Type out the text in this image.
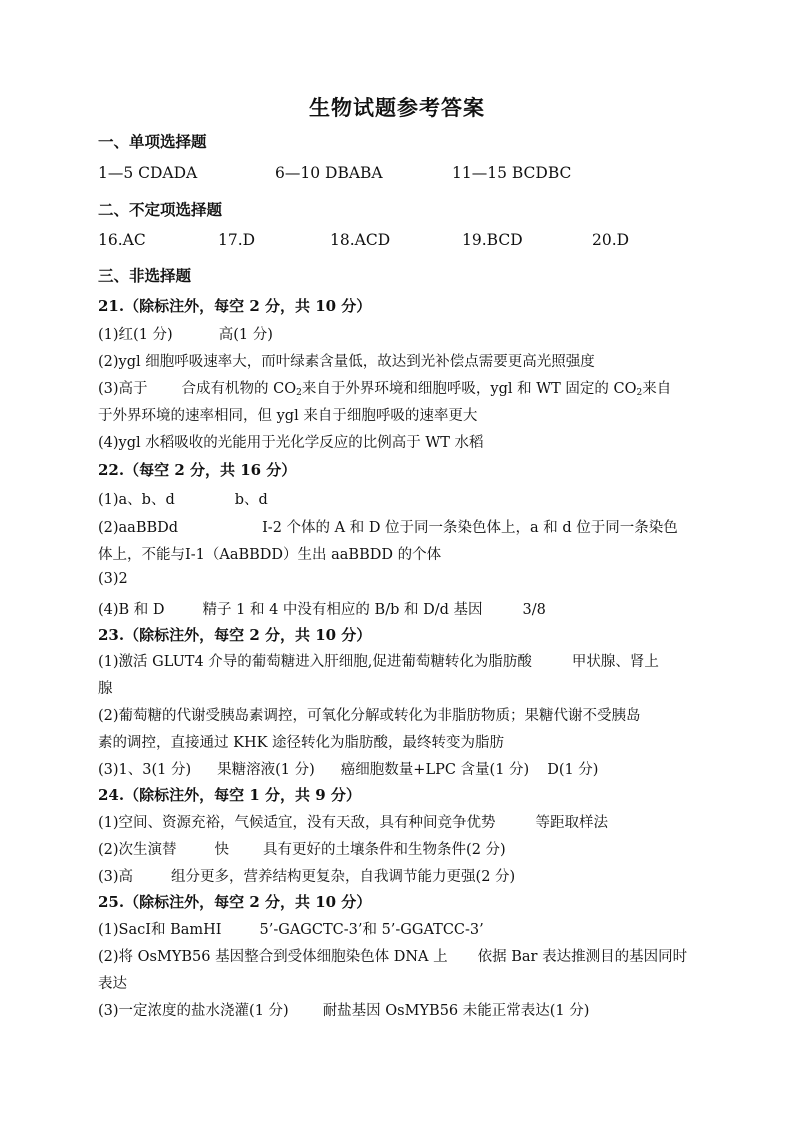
生物试题参考答案
一、单项选择题
1—5 CDADA	6—10 DBABA	11—15 BCDBC
二、不定项选择题
16.AC	17.D	18.ACD	19.BCD	20.D
三、非选择题
21.（除标注外，每空 2 分，共 10 分）
(1)红(1 分)	高(1 分)
(2)ygl 细胞呼吸速率大，而叶绿素含量低，故达到光补偿点需要更高光照强度
(3)高于 合成有机物的 $CO_2$来自于外界环境和细胞呼吸，ygl 和 WT 固定的 $CO_2$来自
于外界环境的速率相同，但 ygl 来自于细胞呼吸的速率更大
(4)ygl 水稻吸收的光能用于光化学反应的比例高于 WT 水稻
22.（每空 2 分，共 16 分）
(1)a、b、d	b、d
(2)aaBBDd	Ⅰ-2 个体的 A 和 D 位于同一条染色体上，a 和 d 位于同一条染色
体上，不能与Ⅰ-1（AaBBDD）生出 aaBBDD 的个体
(3)2
(4)B 和 D	精子 1 和 4 中没有相应的 B/b 和 D/d 基因	3/8
23.（除标注外，每空 2 分，共 10 分）
(1)激活 GLUT4 介导的葡萄糖进入肝细胞,促进葡萄糖转化为脂肪酸	甲状腺、肾上
腺
(2)葡萄糖的代谢受胰岛素调控，可氧化分解或转化为非脂肪物质；果糖代谢不受胰岛
素的调控，直接通过 KHK 途径转化为脂肪酸，最终转变为脂肪
(3)1、3(1 分) 果糖溶液(1 分) 癌细胞数量+LPC 含量(1 分) D(1 分)
24.（除标注外，每空 1 分，共 9 分）
(1)空间、资源充裕，气候适宜，没有天敌，具有种间竞争优势	等距取样法
(2)次生演替	快 具有更好的土壤条件和生物条件(2 分)
(3)高	组分更多，营养结构更复杂，自我调节能力更强(2 分)
25.（除标注外，每空 2 分，共 10 分）
(1)SacⅠ和 BamHⅠ	5’-GAGCTC-3’和 5’-GGATCC-3’
(2)将 OsMYB56 基因整合到受体细胞染色体 DNA 上 依据 Bar 表达推测目的基因同时
表达
(3)一定浓度的盐水浇灌(1 分) 耐盐基因 OsMYB56 未能正常表达(1 分)
